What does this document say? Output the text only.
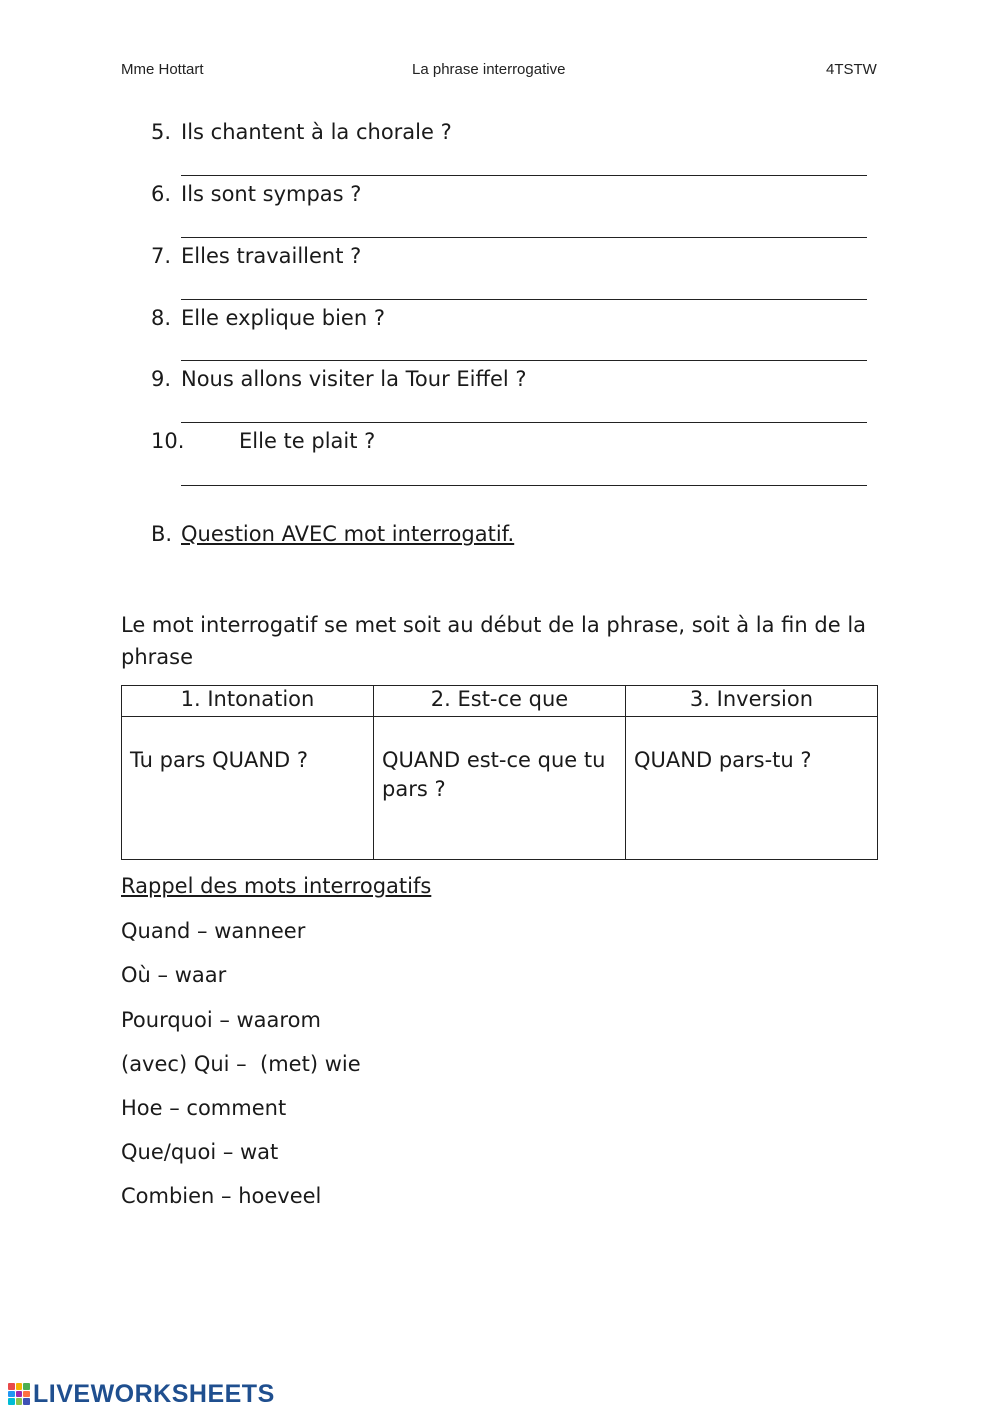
Mme Hottart	La phrase interrogative	4TSTW
5. Ils chantent à la chorale ?
6. Ils sont sympas ?
7. Elles travaillent ?
8. Elle explique bien ?
9. Nous allons visiter la Tour Eiffel ?
10.	Elle te plait ?
B. Question AVEC mot interrogatif.
Le mot interrogatif se met soit au début de la phrase, soit à la fin de la phrase
1. Intonation	2. Est-ce que	3. Inversion
Tu pars QUAND ?	QUAND est-ce que tu pars ?	QUAND pars-tu ?
Rappel des mots interrogatifs
Quand – wanneer
Où – waar
Pourquoi – waarom
(avec) Qui –  (met) wie
Hoe – comment
Que/quoi – wat
Combien – hoeveel
LIVEWORKSHEETS
